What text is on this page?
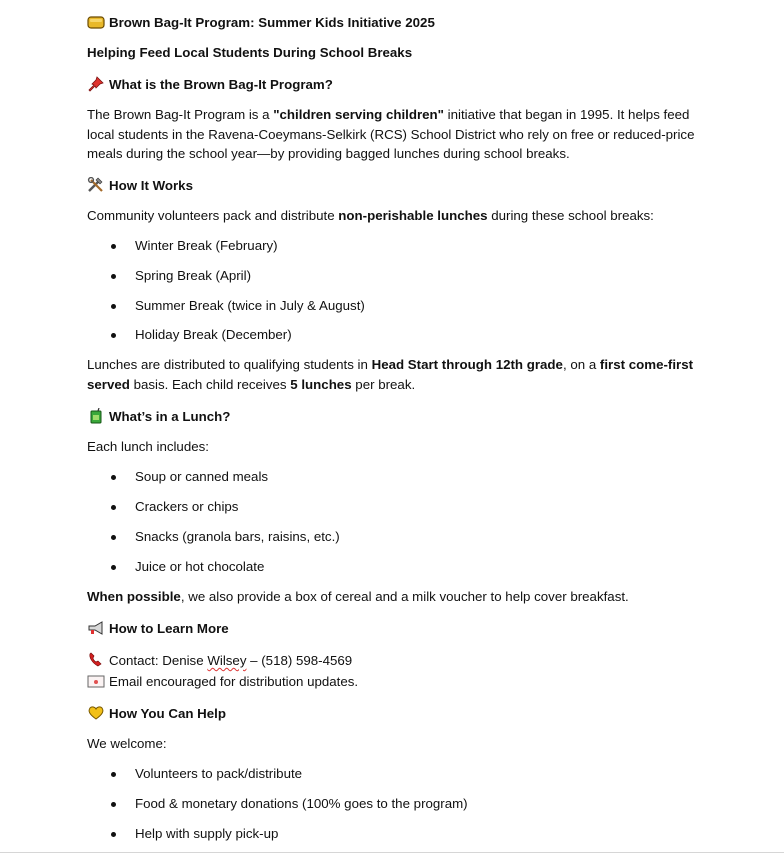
Brown Bag-It Program: Summer Kids Initiative 2025
Helping Feed Local Students During School Breaks
What is the Brown Bag-It Program?
The Brown Bag-It Program is a "children serving children" initiative that began in 1995. It helps feed
local students in the Ravena-Coeymans-Selkirk (RCS) School District who rely on free or reduced-price
meals during the school year—by providing bagged lunches during school breaks.
How It Works
Community volunteers pack and distribute non-perishable lunches during these school breaks:
Winter Break (February)
Spring Break (April)
Summer Break (twice in July & August)
Holiday Break (December)
Lunches are distributed to qualifying students in Head Start through 12th grade, on a first come-first
served basis. Each child receives 5 lunches per break.
What’s in a Lunch?
Each lunch includes:
Soup or canned meals
Crackers or chips
Snacks (granola bars, raisins, etc.)
Juice or hot chocolate
When possible, we also provide a box of cereal and a milk voucher to help cover breakfast.
How to Learn More
Contact: Denise Wilsey – (518) 598-4569
Email encouraged for distribution updates.
How You Can Help
We welcome:
Volunteers to pack/distribute
Food & monetary donations (100% goes to the program)
Help with supply pick-up
